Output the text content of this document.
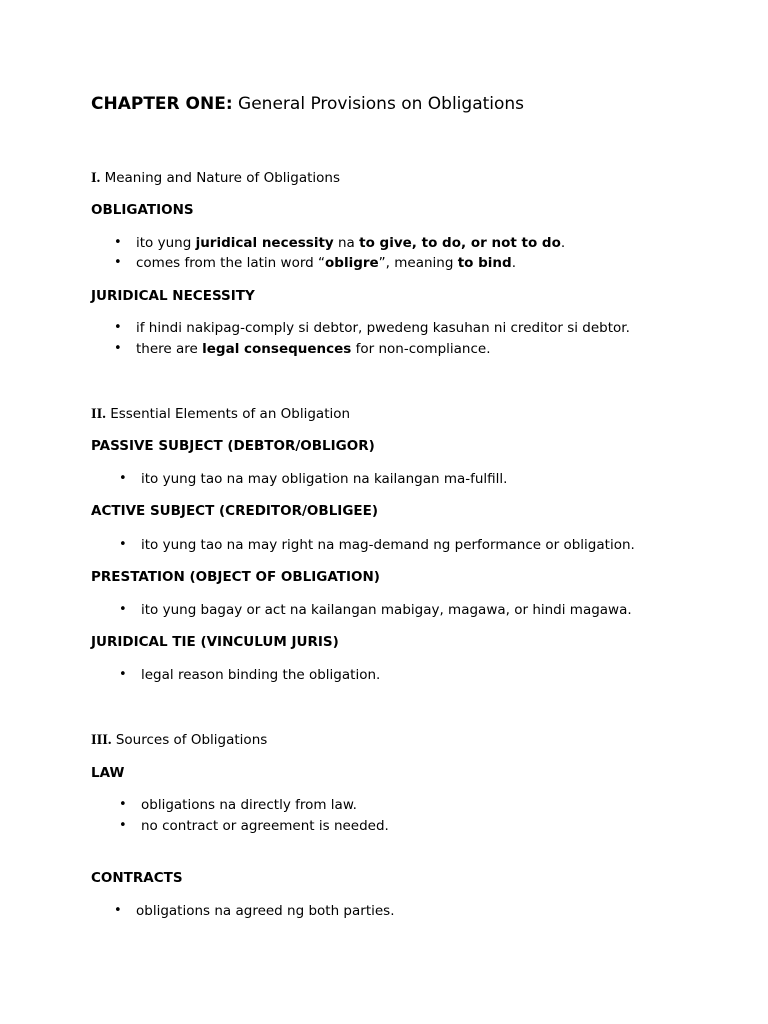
CHAPTER ONE: General Provisions on Obligations
I. Meaning and Nature of Obligations
OBLIGATIONS
• ito yung juridical necessity na to give, to do, or not to do.
• comes from the latin word “obligre”, meaning to bind.
JURIDICAL NECESSITY
• if hindi nakipag-comply si debtor, pwedeng kasuhan ni creditor si debtor.
• there are legal consequences for non-compliance.
II. Essential Elements of an Obligation
PASSIVE SUBJECT (DEBTOR/OBLIGOR)
• ito yung tao na may obligation na kailangan ma-fulfill.
ACTIVE SUBJECT (CREDITOR/OBLIGEE)
• ito yung tao na may right na mag-demand ng performance or obligation.
PRESTATION (OBJECT OF OBLIGATION)
• ito yung bagay or act na kailangan mabigay, magawa, or hindi magawa.
JURIDICAL TIE (VINCULUM JURIS)
• legal reason binding the obligation.
III. Sources of Obligations
LAW
• obligations na directly from law.
• no contract or agreement is needed.
CONTRACTS
• obligations na agreed ng both parties.
